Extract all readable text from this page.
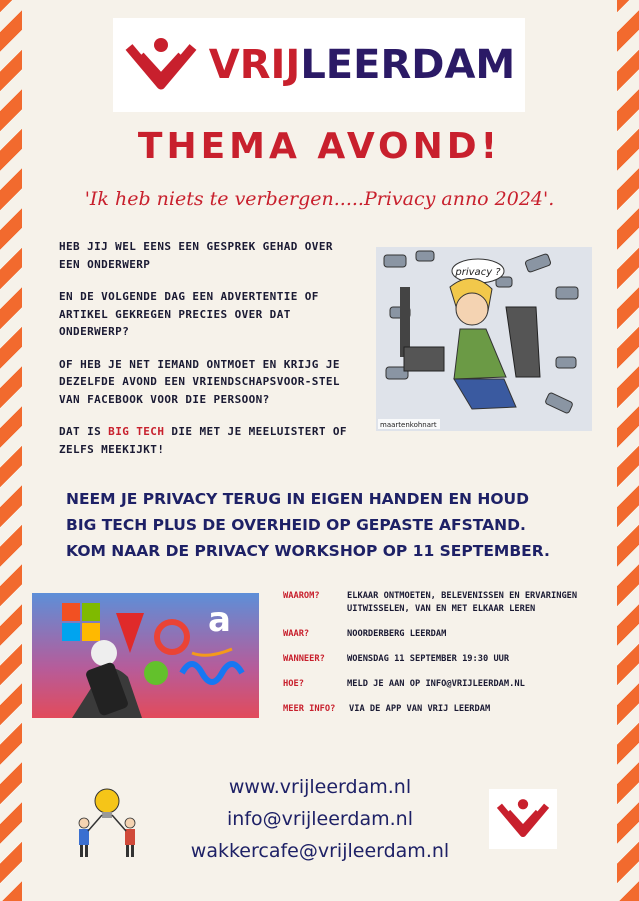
VRIJLEERDAM
THEMA AVOND!
'Ik heb niets te verbergen.....Privacy anno 2024'.

HEB JIJ WEL EENS EEN GESPREK GEHAD OVER EEN ONDERWERP

EN DE VOLGENDE DAG EEN ADVERTENTIE OF ARTIKEL GEKREGEN PRECIES OVER DAT ONDERWERP?

OF HEB JE NET IEMAND ONTMOET EN KRIJG JE DEZELFDE AVOND EEN VRIENDSCHAPSVOOR-STEL VAN FACEBOOK VOOR DIE PERSOON?

DAT IS BIG TECH DIE MET JE MEELUISTERT OF ZELFS MEEKIJKT!

privacy ?
maartenkohnart
NEEM JE PRIVACY TERUG IN EIGEN HANDEN EN HOUD
BIG TECH PLUS DE OVERHEID OP GEPASTE AFSTAND.
KOM NAAR DE PRIVACY WORKSHOP OP 11 SEPTEMBER.
a
WAAROM?	ELKAAR ONTMOETEN, BELEVENISSEN EN ERVARINGEN UITWISSELEN, VAN EN MET ELKAAR LEREN
WAAR?	NOORDERBERG LEERDAM
WANNEER?	WOENSDAG 11 SEPTEMBER 19:30 UUR
HOE?	MELD JE AAN OP INFO@VRIJLEERDAM.NL
MEER INFO?	VIA DE APP VAN VRIJ LEERDAM
www.vrijleerdam.nl
info@vrijleerdam.nl
wakkercafe@vrijleerdam.nl
